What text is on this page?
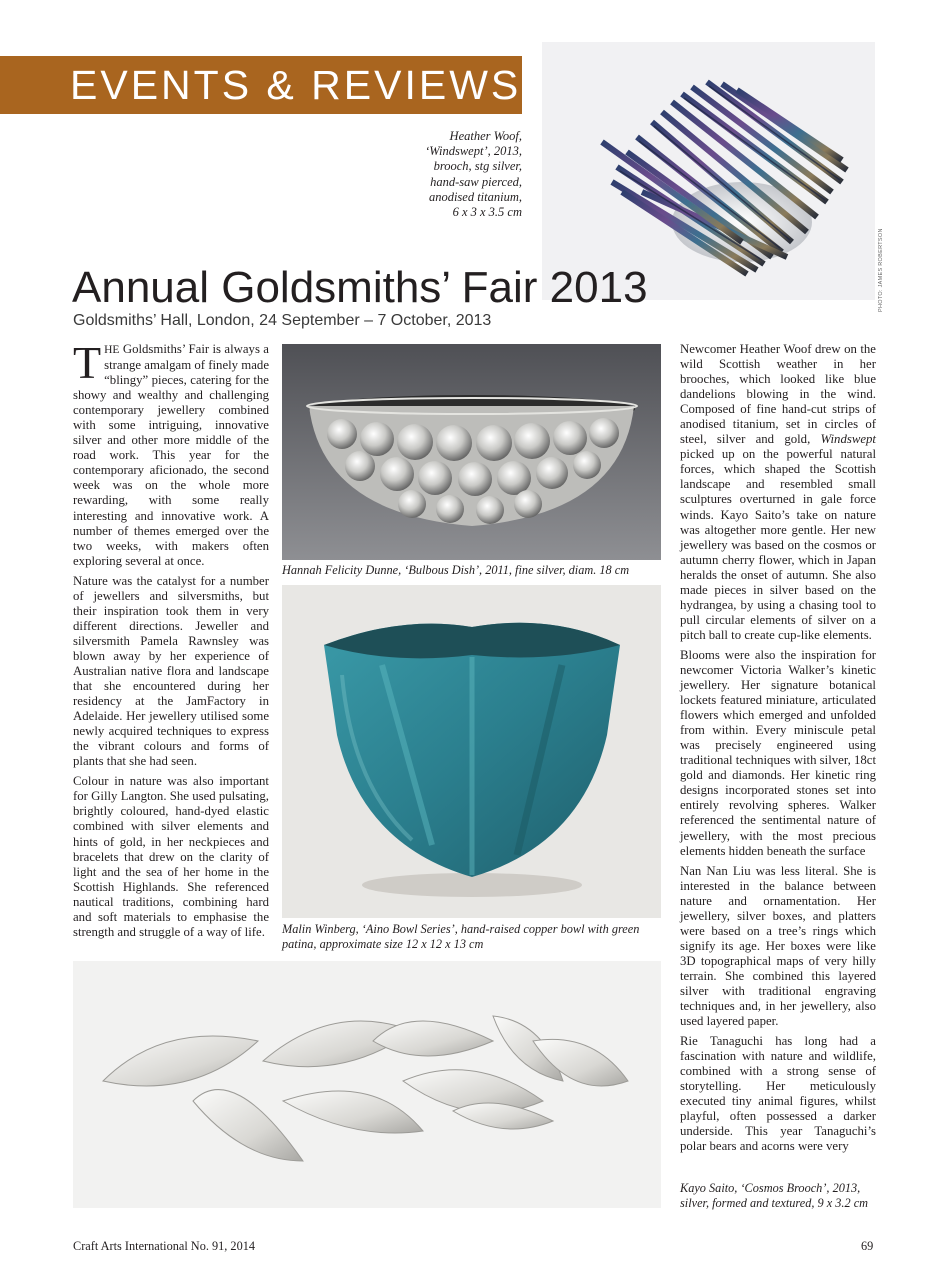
EVENTS & REVIEWS
PHOTO: JAMES ROBERTSON
Heather Woof,
‘Windswept’, 2013,
brooch, stg silver,
hand-saw pierced,
anodised titanium,
6 x 3 x 3.5 cm
Annual Goldsmiths’ Fair 2013
Goldsmiths’ Hall, London, 24 September – 7 October, 2013

THE Goldsmiths’ Fair is always a strange amalgam of finely made “blingy” pieces, catering for the showy and wealthy and challenging contemporary jewellery combined with some intriguing, innovative silver and other more middle of the road work. This year for the contemporary aficionado, the second week was on the whole more rewarding, with some really interesting and innovative work. A number of themes emerged over the two weeks, with makers often exploring several at once.

Nature was the catalyst for a number of jewellers and silversmiths, but their inspiration took them in very different directions. Jeweller and silversmith Pamela Rawnsley was blown away by her experience of Australian native flora and landscape that she encountered during her residency at the JamFactory in Adelaide. Her jewellery utilised some newly acquired techniques to express the vibrant colours and forms of plants that she had seen.

Colour in nature was also important for Gilly Langton. She used pulsating, brightly coloured, hand-dyed elastic combined with silver elements and hints of gold, in her neckpieces and bracelets that drew on the clarity of light and the sea of her home in the Scottish Highlands. She referenced nautical traditions, combining hard and soft materials to emphasise the strength and struggle of a way of life.

Newcomer Heather Woof drew on the wild Scottish weather in her brooches, which looked like blue dandelions blowing in the wind. Composed of fine hand-cut strips of anodised titanium, set in circles of steel, silver and gold, Windswept picked up on the powerful natural forces, which shaped the Scottish landscape and resembled small sculptures overturned in gale force winds. Kayo Saito’s take on nature was altogether more gentle. Her new jewellery was based on the cosmos or autumn cherry flower, which in Japan heralds the onset of autumn. She also made pieces in silver based on the hydrangea, by using a chasing tool to pull circular elements of silver on a pitch ball to create cup-like elements.

Blooms were also the inspiration for newcomer Victoria Walker’s kinetic jewellery. Her signature botanical lockets featured miniature, articulated flowers which emerged and unfolded from within. Every miniscule petal was precisely engineered using traditional techniques with silver, 18ct gold and diamonds. Her kinetic ring designs incorporated stones set into entirely revolving spheres. Walker referenced the sentimental nature of jewellery, with the most precious elements hidden beneath the surface

Nan Nan Liu was less literal. She is interested in the balance between nature and ornamentation. Her jewellery, silver boxes, and platters were based on a tree’s rings which signify its age. Her boxes were like 3D topographical maps of very hilly terrain. She combined this layered silver with traditional engraving techniques and, in her jewellery, also used layered paper.

Rie Tanaguchi has long had a fascination with nature and wildlife, combined with a strong sense of storytelling. Her meticulously executed tiny animal figures, whilst playful, often possessed a darker underside. This year Tanaguchi’s polar bears and acorns were very

Hannah Felicity Dunne, ‘Bulbous Dish’, 2011, fine silver, diam. 18 cm
Malin Winberg, ‘Aino Bowl Series’, hand-raised copper bowl with green patina, approximate size 12 x 12 x 13 cm
Kayo Saito, ‘Cosmos Brooch’, 2013,
silver, formed and textured, 9 x 3.2 cm
Craft Arts International No. 91, 2014	69
